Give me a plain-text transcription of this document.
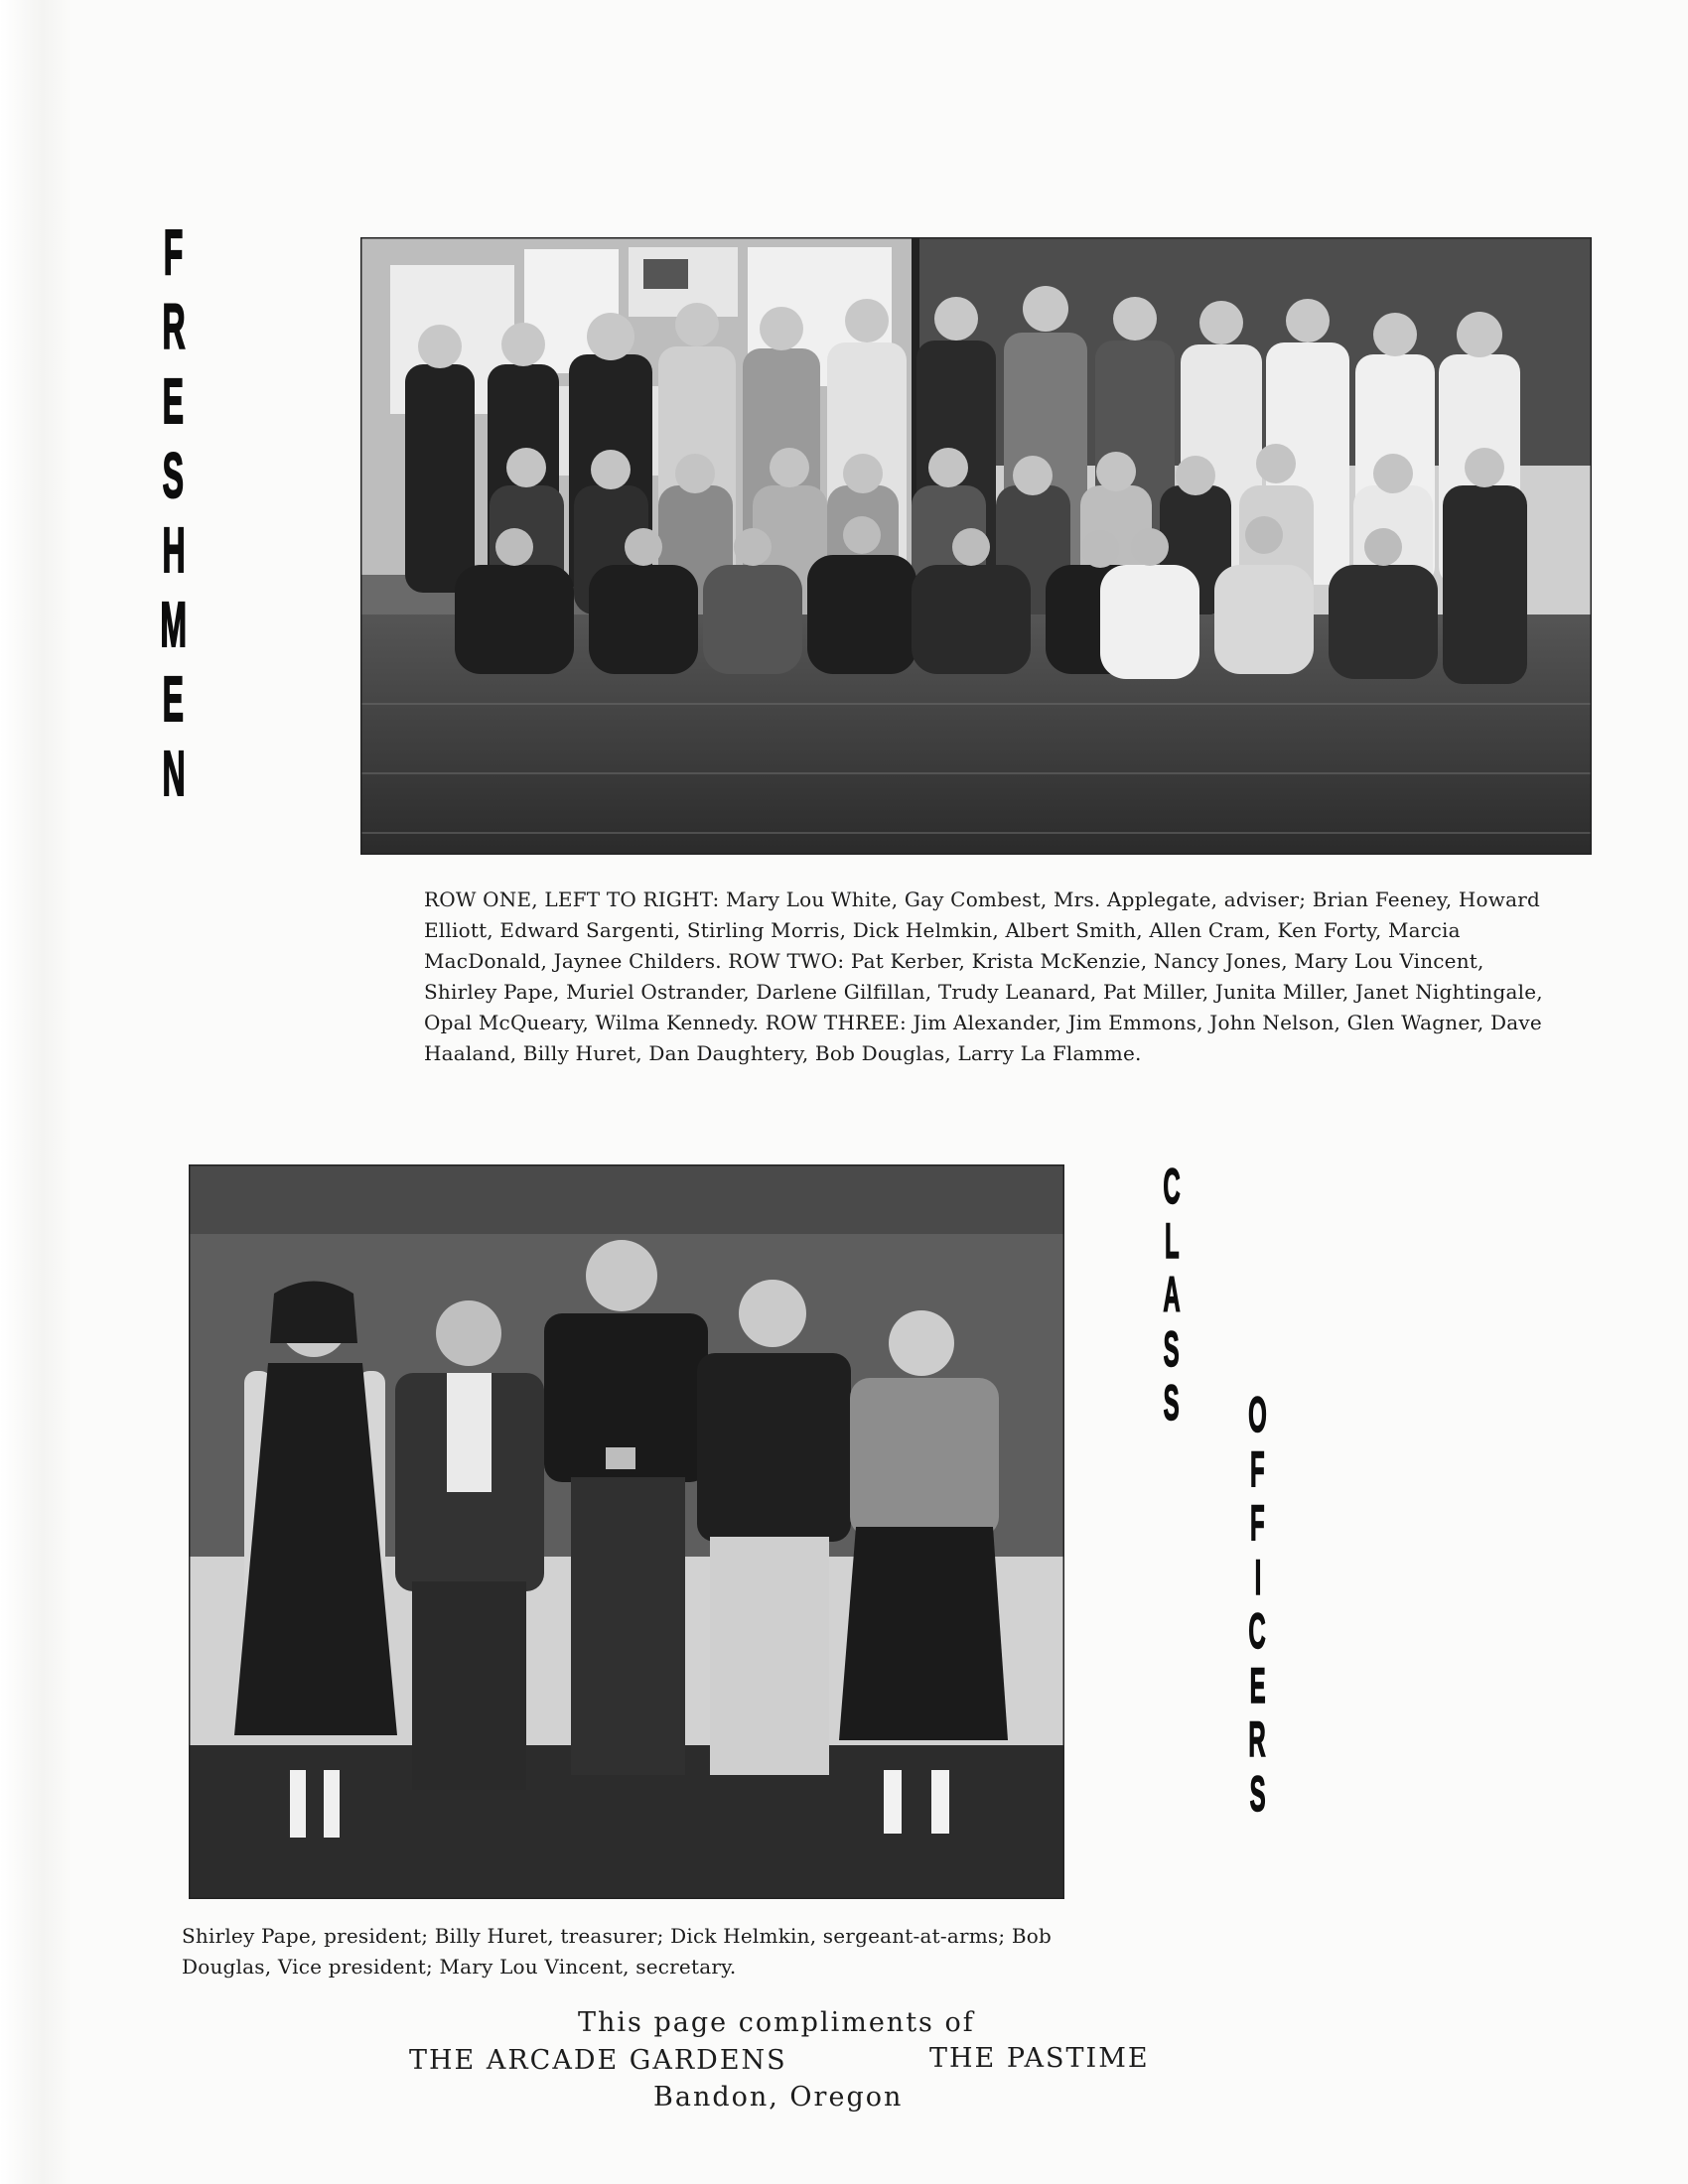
F
R
E
S
H
M
E
N

ROW ONE, LEFT TO RIGHT: Mary Lou White, Gay Combest, Mrs. Applegate, adviser; Brian Feeney, Howard Elliott, Edward Sargenti, Stirling Morris, Dick Helmkin, Albert Smith, Allen Cram, Ken Forty, Marcia MacDonald, Jaynee Childers. ROW TWO: Pat Kerber, Krista McKenzie, Nancy Jones, Mary Lou Vincent, Shirley Pape, Muriel Ostrander, Darlene Gilfillan, Trudy Leanard, Pat Miller, Junita Miller, Janet Nightingale, Opal McQueary, Wilma Kennedy. ROW THREE: Jim Alexander, Jim Emmons, John Nelson, Glen Wagner, Dave Haaland, Billy Huret, Dan Daughtery, Bob Douglas, Larry La Flamme.

Shirley Pape, president; Billy Huret, treasurer; Dick Helmkin, sergeant-at-arms; Bob Douglas, Vice president; Mary Lou Vincent, secretary.

C
L
A
S
S O
F
F
I
C
E
R
S
This page compliments of
THE ARCADE GARDENS	THE PASTIME
Bandon, Oregon
